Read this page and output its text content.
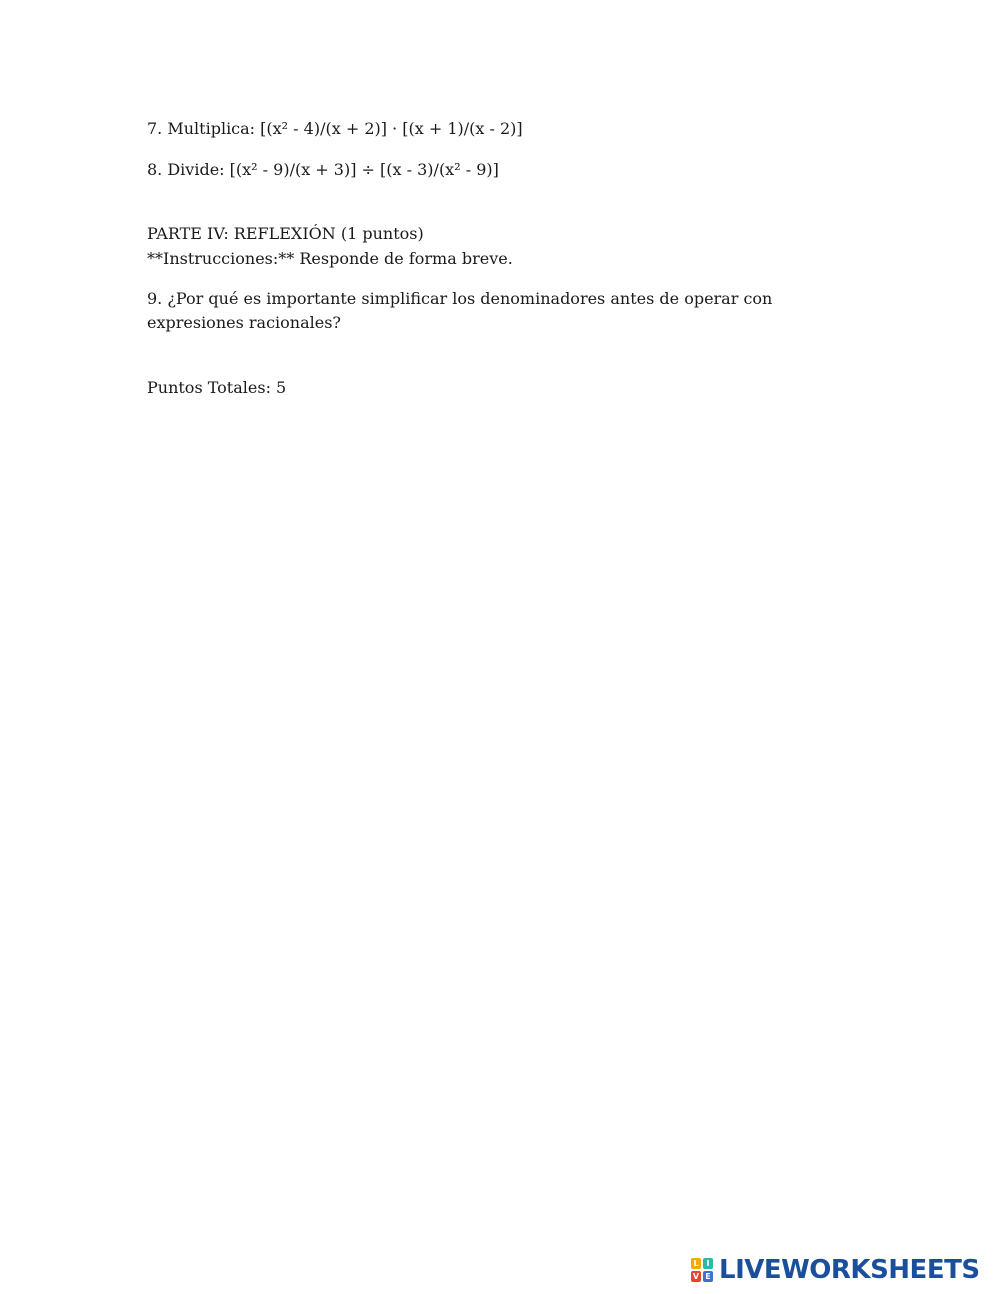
7. Multiplica: [(x² - 4)/(x + 2)] · [(x + 1)/(x - 2)]
8. Divide: [(x² - 9)/(x + 3)] ÷ [(x - 3)/(x² - 9)]
PARTE IV: REFLEXIÓN (1 puntos)
**Instrucciones:** Responde de forma breve.
9. ¿Por qué es importante simplificar los denominadores antes de operar con expresiones racionales?
Puntos Totales: 5
L I
V E LIVEWORKSHEETS
